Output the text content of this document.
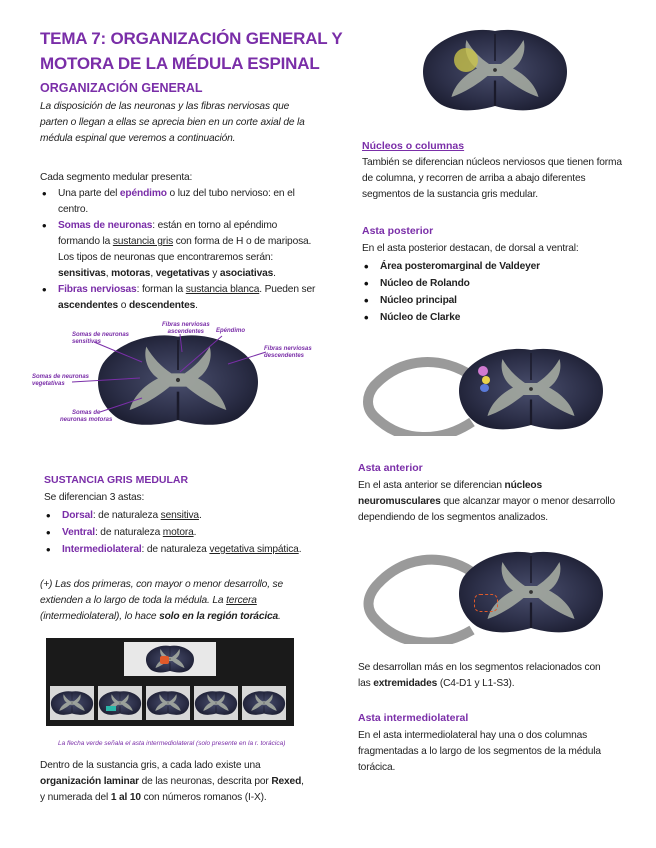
TEMA 7: ORGANIZACIÓN GENERAL Y
MOTORA DE LA MÉDULA ESPINAL
ORGANIZACIÓN GENERAL
La disposición de las neuronas y las fibras nerviosas que
parten o llegan a ellas se aprecia bien en un corte axial de la
médula espinal que veremos a continuación.
Cada segmento medular presenta:
• Una parte del epéndimo o luz del tubo nervioso: en el
centro.
• Somas de neuronas: están en torno al epéndimo
formando la sustancia gris con forma de H o de mariposa.
Los tipos de neuronas que encontraremos serán:
sensitivas, motoras, vegetativas y asociativas.
• Fibras nerviosas: forman la sustancia blanca. Pueden ser
ascendentes o descendentes.
Somas de neuronas
sensitivas
Fibras nerviosas
ascendentes	Epéndimo
Fibras nerviosas
descendentes
Somas de neuronas
vegetativas
Somas de
neuronas motoras
SUSTANCIA GRIS MEDULAR
Se diferencian 3 astas:
• Dorsal: de naturaleza sensitiva.
• Ventral: de naturaleza motora.
• Intermediolateral: de naturaleza vegetativa simpática.
(+) Las dos primeras, con mayor o menor desarrollo, se
extienden a lo largo de toda la médula. La tercera
(intermediolateral), lo hace solo en la región torácica.
La flecha verde señala el asta intermediolateral (solo presente en la r. torácica)
Dentro de la sustancia gris, a cada lado existe una
organización laminar de las neuronas, descrita por Rexed,
y numerada del 1 al 10 con números romanos (I-X).
Núcleos o columnas
También se diferencian núcleos nerviosos que tienen forma
de columna, y recorren de arriba a abajo diferentes
segmentos de la sustancia gris medular.
Asta posterior
En el asta posterior destacan, de dorsal a ventral:
• Área posteromarginal de Valdeyer
• Núcleo de Rolando
• Núcleo principal
• Núcleo de Clarke
Asta anterior
En el asta anterior se diferencian núcleos
neuromusculares que alcanzar mayor o menor desarrollo
dependiendo de los segmentos analizados.
Se desarrollan más en los segmentos relacionados con
las extremidades (C4-D1 y L1-S3).
Asta intermediolateral
En el asta intermediolateral hay una o dos columnas
fragmentadas a lo largo de los segmentos de la médula
torácica.
